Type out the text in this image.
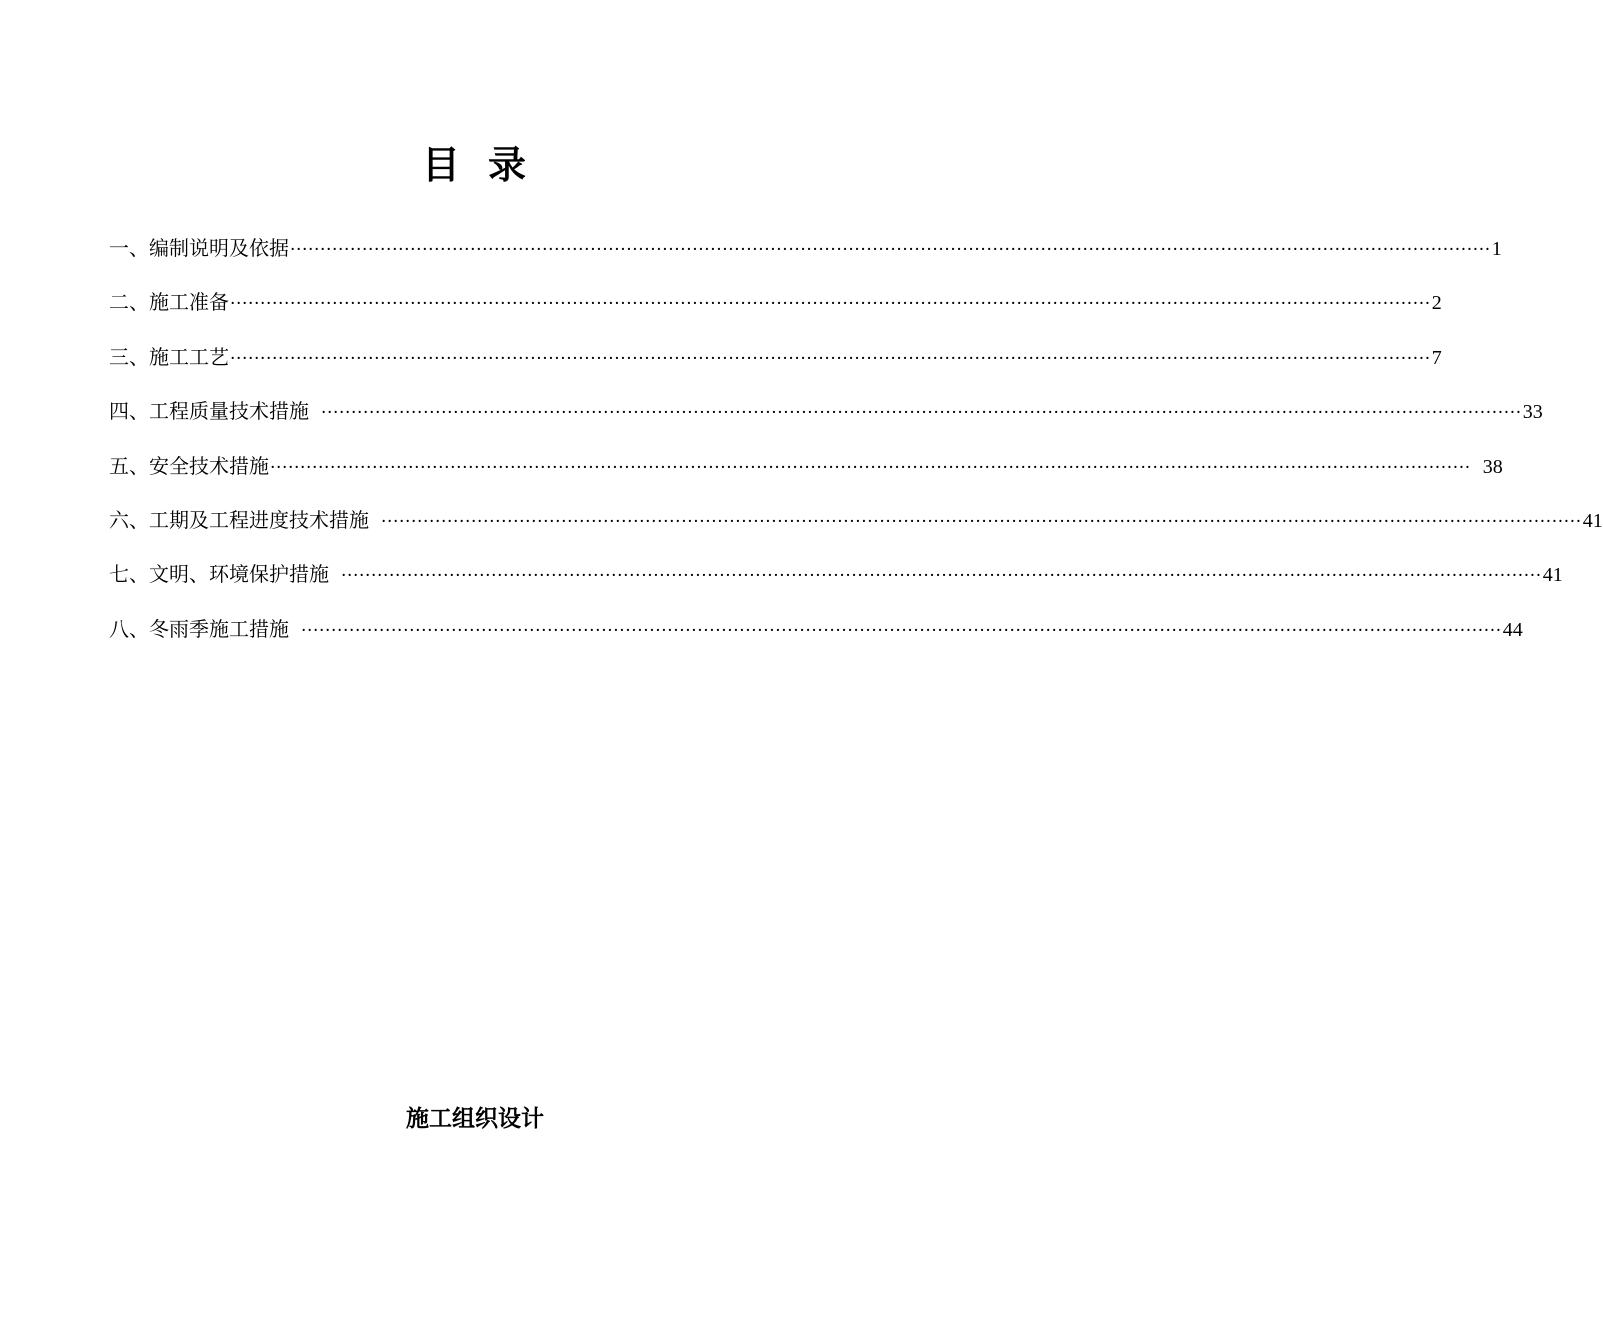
目 录
一、编制说明及依据 ········································································································································································································ 1
二、施工准备 ········································································································································································································ 2
三、施工工艺 ········································································································································································································ 7
四、工程质量技术措施 ········································································································································································································ 33
五、安全技术措施 ········································································································································································································ 38
六、工期及工程进度技术措施 ········································································································································································································ 41
七、文明、环境保护措施 ········································································································································································································ 41
八、冬雨季施工措施 ········································································································································································································ 44
施工组织设计
